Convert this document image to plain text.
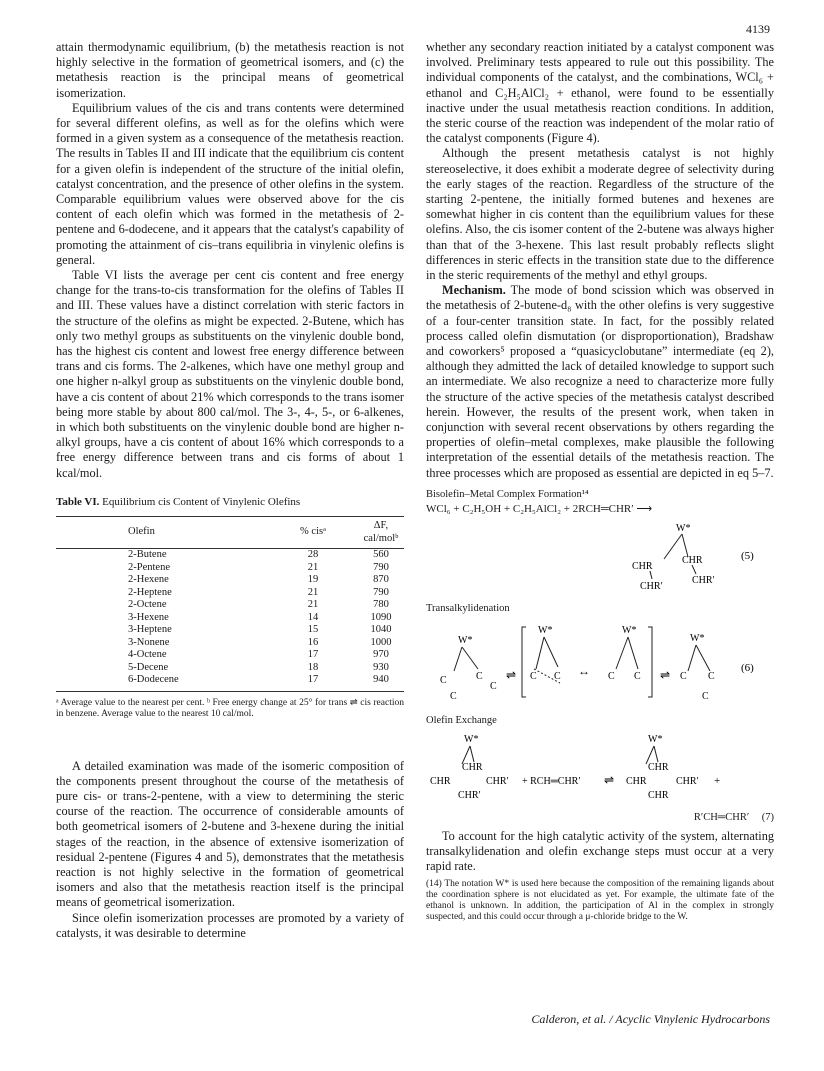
4139

attain thermodynamic equilibrium, (b) the metathesis reaction is not highly selective in the formation of geometrical isomers, and (c) the metathesis reaction is the principal means of geometrical isomerization.

Equilibrium values of the cis and trans contents were determined for several different olefins, as well as for the olefins which were formed in a given system as a consequence of the metathesis reaction. The results in Tables II and III indicate that the equilibrium cis content for a given olefin is independent of the structure of the initial olefin, catalyst concentration, and the presence of other olefins in the system. Comparable equilibrium values were observed above for the cis content of each olefin which was formed in the metathesis of 2-pentene and 6-dodecene, and it appears that the catalyst's capability of promoting the attainment of cis–trans equilibria in vinylenic olefins is general.

Table VI lists the average per cent cis content and free energy change for the trans-to-cis transformation for the olefins of Tables II and III. These values have a distinct correlation with steric factors in the structure of the olefins as might be expected. 2-Butene, which has only two methyl groups as substituents on the vinylenic double bond, has the highest cis content and lowest free energy difference between trans and cis forms. The 2-alkenes, which have one methyl group and one higher n-alkyl group as substituents on the vinylenic double bond, have a cis content of about 21% which corresponds to the trans isomer being more stable by about 800 cal/mol. The 3-, 4-, 5-, or 6-alkenes, in which both substituents on the vinylenic double bond are higher n-alkyl groups, have a cis content of about 16% which corresponds to a free energy difference between trans and cis forms of about 1 kcal/mol.

Table VI. Equilibrium cis Content of Vinylenic Olefins
Olefin	% cisᵃ	ΔF, cal/molᵇ
2-Butene	28	560
2-Pentene	21	790
2-Hexene	19	870
2-Heptene	21	790
2-Octene	21	780
3-Hexene	14	1090
3-Heptene	15	1040
3-Nonene	16	1000
4-Octene	17	970
5-Decene	18	930
6-Dodecene	17	940
ᵃ Average value to the nearest per cent. ᵇ Free energy change at 25° for trans ⇌ cis reaction in benzene. Average value to the nearest 10 cal/mol.

A detailed examination was made of the isomeric composition of the components present throughout the course of the metathesis of pure cis- or trans-2-pentene, with a view to determining the steric course of the reaction. The occurrence of considerable amounts of both geometrical isomers of 2-butene and 3-hexene during the initial stages of the reaction, in the absence of extensive isomerization of residual 2-pentene (Figures 4 and 5), demonstrates that the metathesis reaction is not highly selective in the formation of geometrical isomers and also that the metathesis reaction itself is the principal means of geometrical isomerization.

Since olefin isomerization processes are promoted by a variety of catalysts, it was desirable to determine

whether any secondary reaction initiated by a catalyst component was involved. Preliminary tests appeared to rule out this possibility. The individual components of the catalyst, and the combinations, WCl₆ + ethanol and C₂H₅AlCl₂ + ethanol, were found to be essentially inactive under the usual metathesis reaction conditions. In addition, the steric course of the reaction was independent of the molar ratio of the catalyst components (Figure 4).

Although the present metathesis catalyst is not highly stereoselective, it does exhibit a moderate degree of selectivity during the early stages of the reaction. Regardless of the structure of the starting 2-pentene, the initially formed butenes and hexenes are somewhat higher in cis content than the equilibrium values for these olefins. Also, the cis isomer content of the 2-butene was always higher than that of the 3-hexene. This last result probably reflects slight differences in steric effects in the transition state due to the difference in the steric requirements of the methyl and ethyl groups.

Mechanism. The mode of bond scission which was observed in the metathesis of 2-butene-d₈ with the other olefins is very suggestive of a four-center transition state. In fact, for the possibly related process called olefin dismutation (or disproportionation), Bradshaw and coworkers⁵ proposed a “quasicyclobutane” intermediate (eq 2), although they admitted the lack of detailed knowledge to support such an intermediate. We also recognize a need to characterize more fully the structure of the active species of the metathesis catalyst described herein. However, the results of the present work, when taken in conjunction with several recent observations by others regarding the properties of olefin–metal complexes, make plausible the following interpretation of the essential details of the metathesis reaction. The three processes which are proposed as essential are depicted in eq 5–7.

Bisolefin–Metal Complex Formation¹⁴
WCl₆ + C₂H₅OH + C₂H₅AlCl₂ + 2RCH═CHR′ ⟶
W*
CHR
CHR
CHR′
CHR′
(5)
Transalkylidenation
W*
C	C
C
C
⇌
W*
C C ↔
W*
C C ⇌
W*
C C
C
(6)
Olefin Exchange
W*
CHR
CHR	CHR′
CHR′
+ RCH═CHR′ ⇌
W*
CHR
CHR	CHR′
CHR
+
R′CH═CHR′ (7)

To account for the high catalytic activity of the system, alternating transalkylidenation and olefin exchange steps must occur at a very rapid rate.

(14) The notation W* is used here because the composition of the remaining ligands about the coordination sphere is not elucidated as yet. For example, the ultimate fate of the ethanol is unknown. In addition, the participation of Al in the complex in strongly suspected, and this could occur through a μ-chloride bridge to the W.
Calderon, et al. / Acyclic Vinylenic Hydrocarbons
